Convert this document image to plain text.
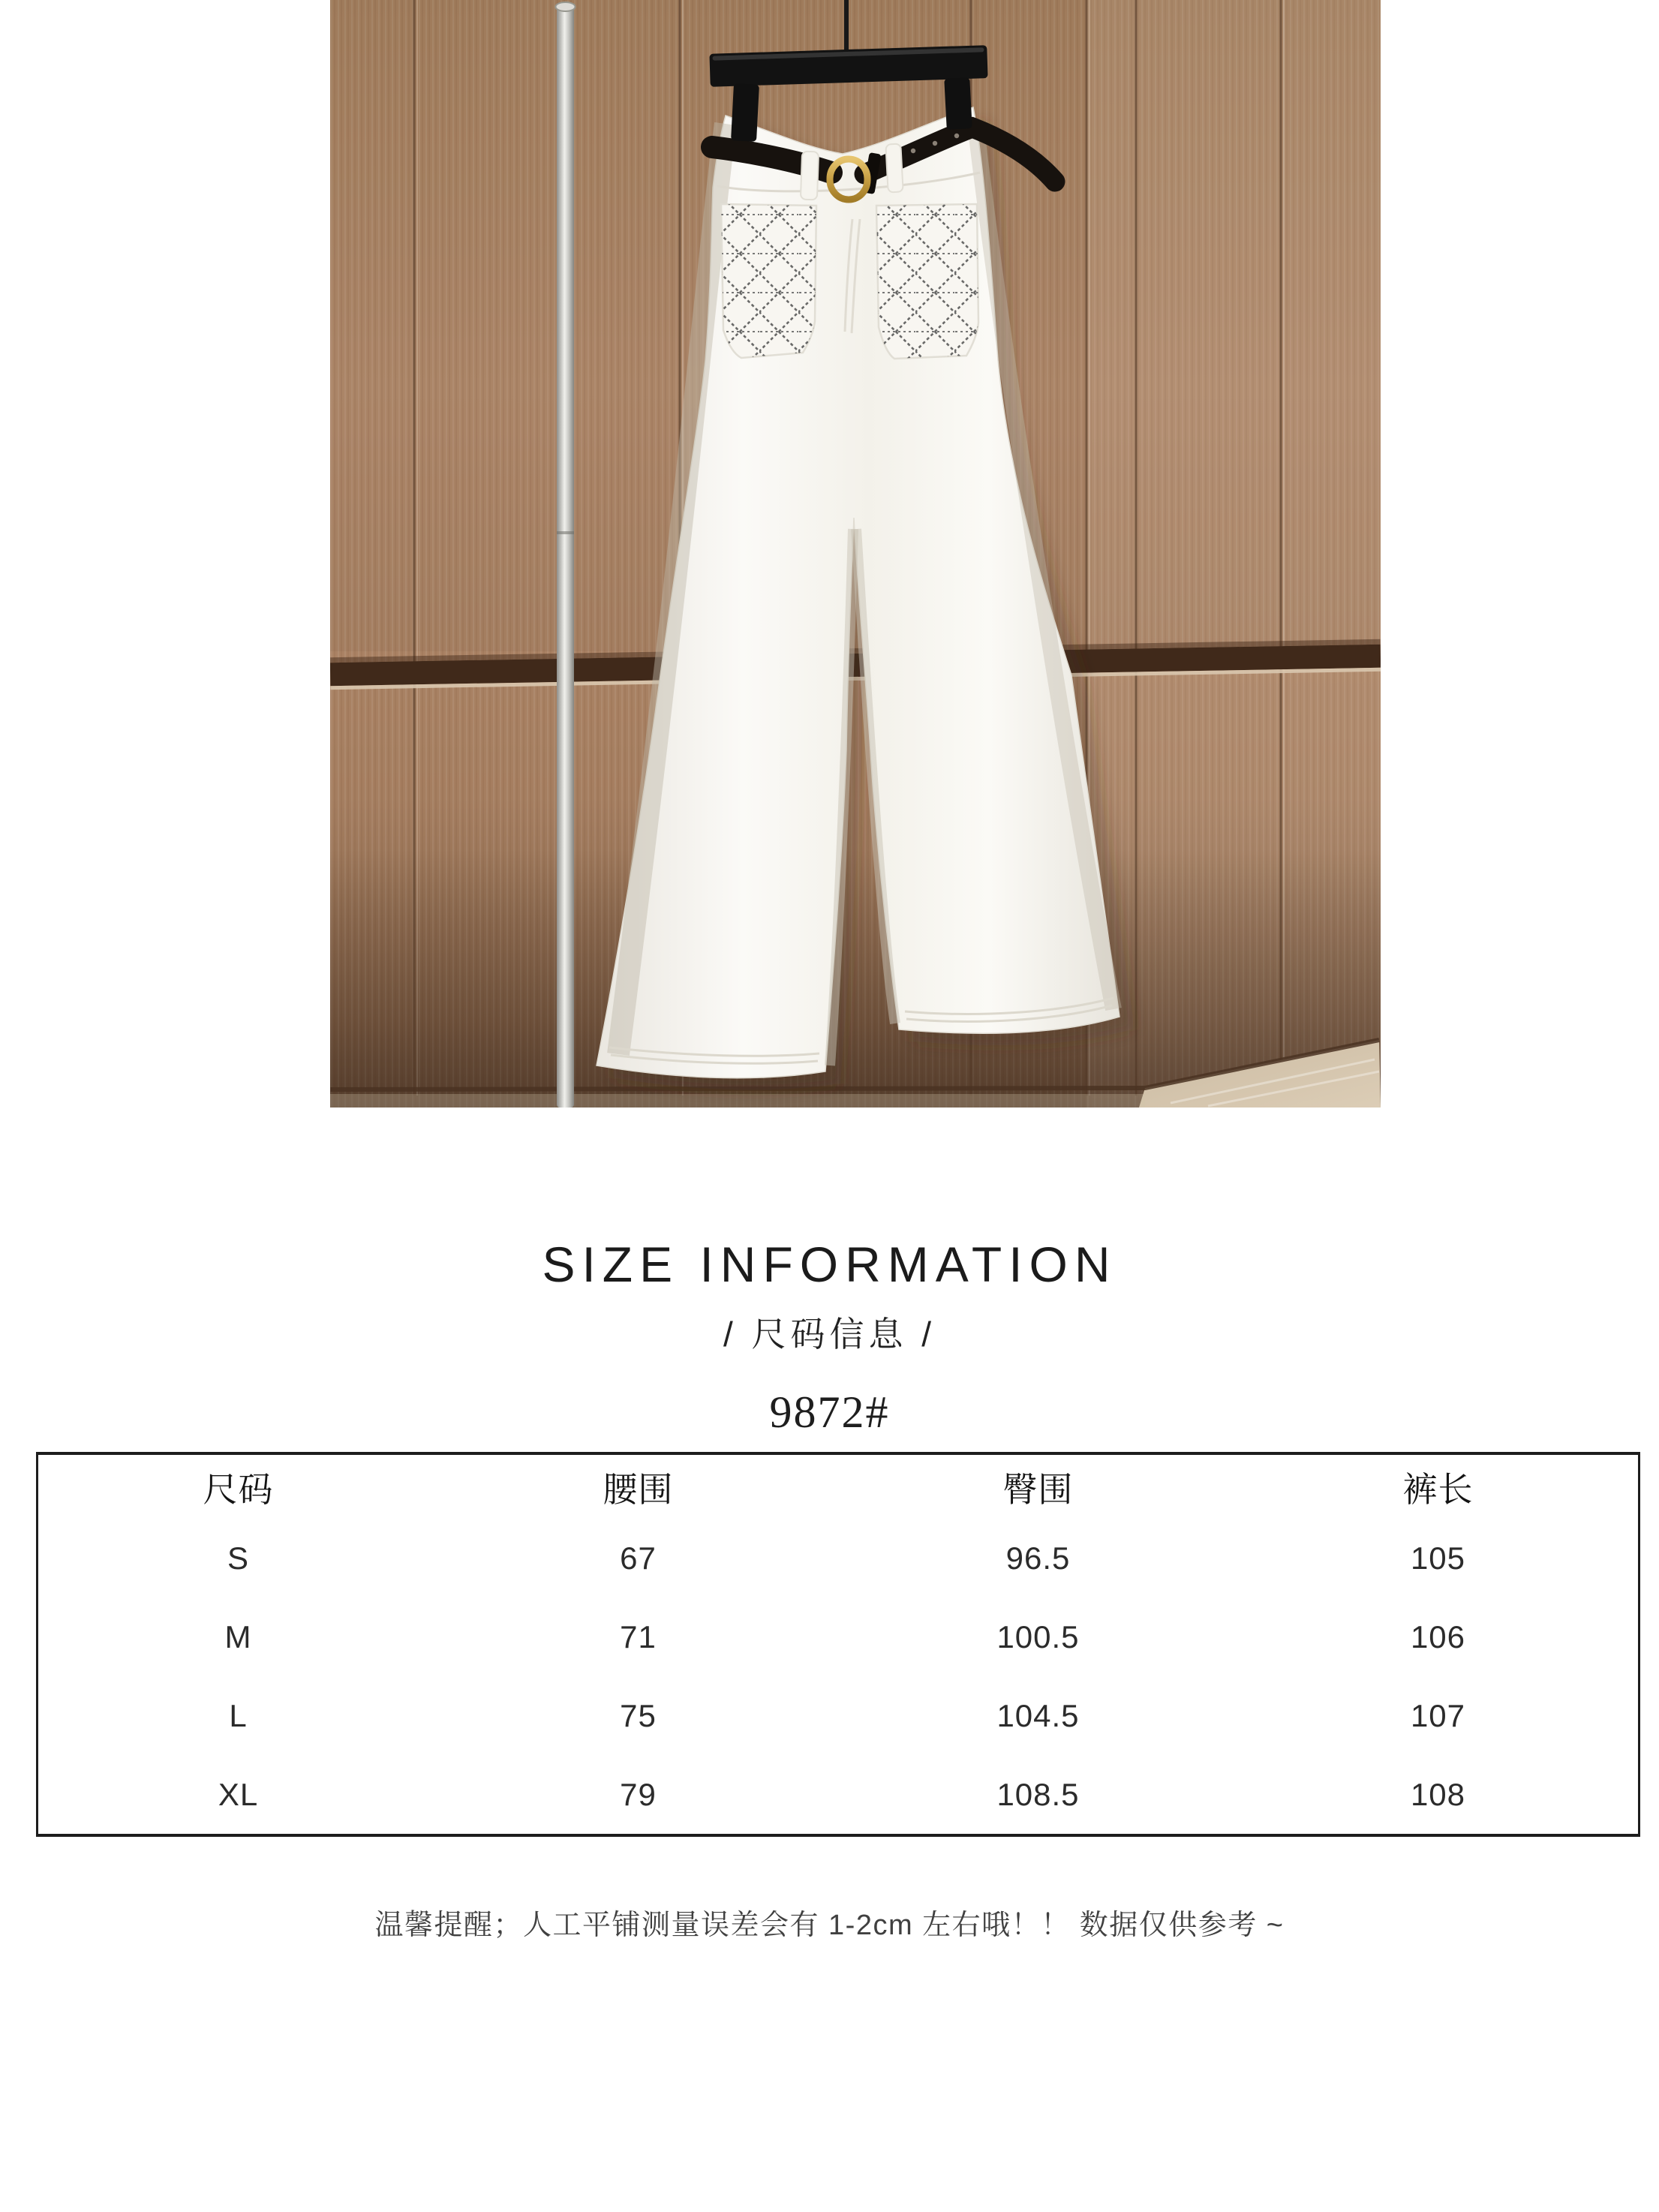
SIZE INFORMATION
/ 尺码信息 /
9872#
尺码	腰围	臀围	裤长
S	67	96.5	105
M	71	100.5	106
L	75	104.5	107
XL	79	108.5	108
温馨提醒；人工平铺测量误差会有 1-2cm 左右哦！！ 数据仅供参考 ~
